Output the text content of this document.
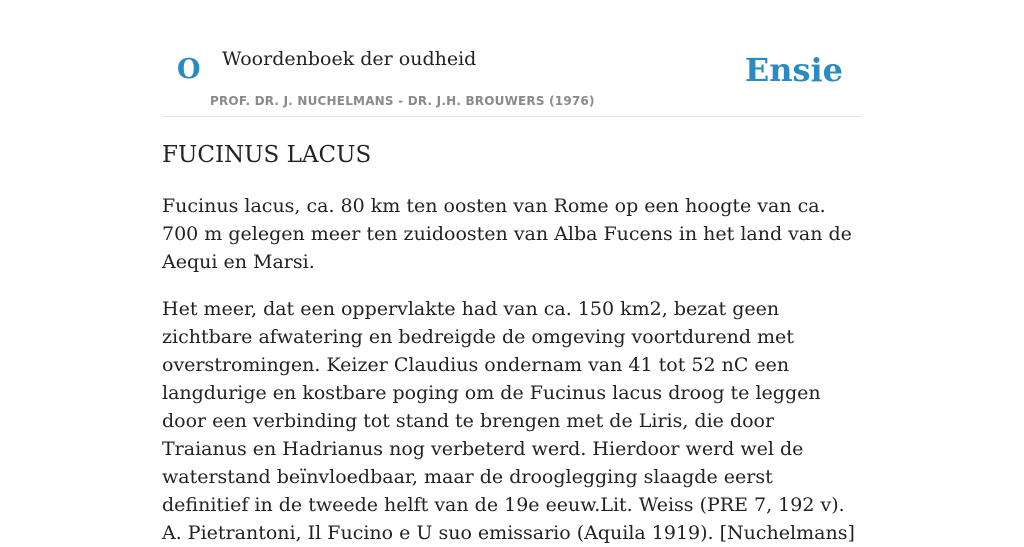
O Woordenboek der oudheid
PROF. DR. J. NUCHELMANS - DR. J.H. BROUWERS (1976)
Ensie
FUCINUS LACUS

Fucinus lacus, ca. 80 km ten oosten van Rome op een hoogte van ca. 700 m gelegen meer ten zuidoosten van Alba Fucens in het land van de Aequi en Marsi.

Het meer, dat een oppervlakte had van ca. 150 km2, bezat geen zichtbare afwatering en bedreigde de omgeving voortdurend met overstromingen. Keizer Claudius ondernam van 41 tot 52 nC een langdurige en kostbare poging om de Fucinus lacus droog te leggen door een verbinding tot stand te brengen met de Liris, die door Traianus en Hadrianus nog verbeterd werd. Hierdoor werd wel de waterstand beïnvloedbaar, maar de drooglegging slaagde eerst definitief in de tweede helft van de 19e eeuw.Lit. Weiss (PRE 7, 192 v). A. Pietrantoni, Il Fucino e U suo emissario (Aquila 1919). [Nuchelmans]
